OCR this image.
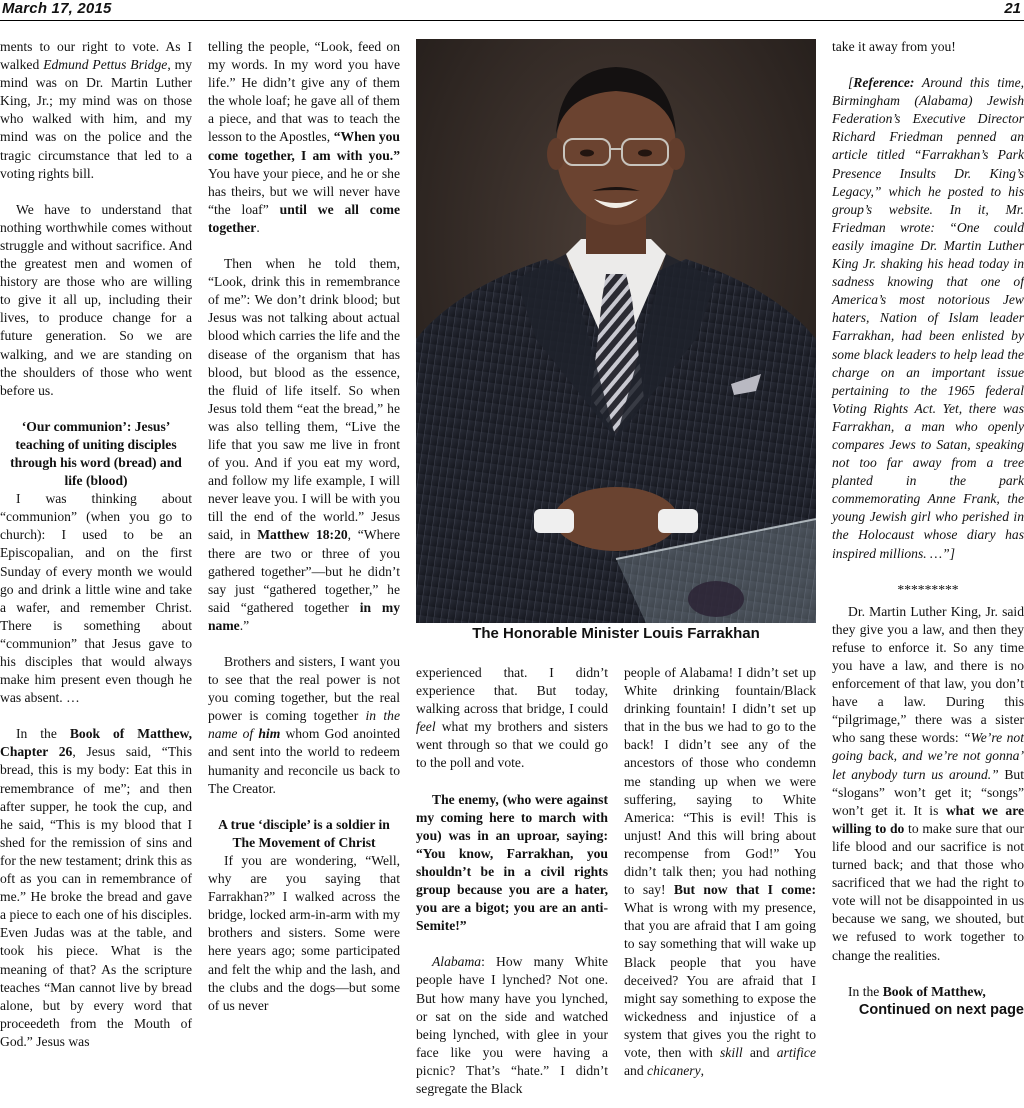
March 17, 2015	21

ments to our right to vote. As I walked Edmund Pettus Bridge, my mind was on Dr. Martin Luther King, Jr.; my mind was on those who walked with him, and my mind was on the police and the tragic circumstance that led to a voting rights bill.

We have to understand that nothing worthwhile comes without struggle and without sacrifice. And the greatest men and women of history are those who are willing to give it all up, including their lives, to produce change for a future generation. So we are walking, and we are standing on the shoulders of those who went before us.

‘Our communion’: Jesus’ teaching of uniting disciples through his word (bread) and life (blood)

I was thinking about “communion” (when you go to church): I used to be an Episcopalian, and on the first Sunday of every month we would go and drink a little wine and take a wafer, and remember Christ. There is something about “communion” that Jesus gave to his disciples that would always make him present even though he was absent. …

In the Book of Matthew, Chapter 26, Jesus said, “This bread, this is my body: Eat this in remembrance of me”; and then after supper, he took the cup, and he said, “This is my blood that I shed for the remission of sins and for the new testament; drink this as oft as you can in remembrance of me.” He broke the bread and gave a piece to each one of his disciples. Even Judas was at the table, and took his piece. What is the meaning of that? As the scripture teaches “Man cannot live by bread alone, but by every word that proceedeth from the Mouth of God.” Jesus was

telling the people, “Look, feed on my words. In my word you have life.” He didn’t give any of them the whole loaf; he gave all of them a piece, and that was to teach the lesson to the Apostles, “When you come together, I am with you.” You have your piece, and he or she has theirs, but we will never have “the loaf” until we all come together.

Then when he told them, “Look, drink this in remembrance of me”: We don’t drink blood; but Jesus was not talking about actual blood which carries the life and the disease of the organism that has blood, but blood as the essence, the fluid of life itself. So when Jesus told them “eat the bread,” he was also telling them, “Live the life that you saw me live in front of you. And if you eat my word, and follow my life example, I will never leave you. I will be with you till the end of the world.” Jesus said, in Matthew 18:20, “Where there are two or three of you gathered together”—but he didn’t say just “gathered together,” he said “gathered together in my name.”

Brothers and sisters, I want you to see that the real power is not you coming together, but the real power is coming together in the name of him whom God anointed and sent into the world to redeem humanity and reconcile us back to The Creator.

A true ‘disciple’ is a soldier in The Movement of Christ

If you are wondering, “Well, why are you saying that Farrakhan?” I walked across the bridge, locked arm-in-arm with my brothers and sisters. Some were here years ago; some participated and felt the whip and the lash, and the clubs and the dogs—but some of us never

The Honorable Minister Louis Farrakhan

experienced that. I didn’t experience that. But today, walking across that bridge, I could feel what my brothers and sisters went through so that we could go to the poll and vote.

The enemy, (who were against my coming here to march with you) was in an uproar, saying: “You know, Farrakhan, you shouldn’t be in a civil rights group because you are a hater, you are a bigot; you are an anti-Semite!”

Alabama: How many White people have I lynched? Not one. But how many have you lynched, or sat on the side and watched being lynched, with glee in your face like you were having a picnic? That’s “hate.” I didn’t segregate the Black

people of Alabama! I didn’t set up White drinking fountain/Black drinking fountain! I didn’t set up that in the bus we had to go to the back! I didn’t see any of the ancestors of those who condemn me standing up when we were suffering, saying to White America: “This is evil! This is unjust! And this will bring about recompense from God!” You didn’t talk then; you had nothing to say! But now that I come: What is wrong with my presence, that you are afraid that I am going to say something that will wake up Black people that you have deceived? You are afraid that I might say something to expose the wickedness and injustice of a system that gives you the right to vote, then with skill and artifice and chicanery,

take it away from you!

[Reference: Around this time, Birmingham (Alabama) Jewish Federation’s Executive Director Richard Friedman penned an article titled “Farrakhan’s Park Presence Insults Dr. King’s Legacy,” which he posted to his group’s website. In it, Mr. Friedman wrote: “One could easily imagine Dr. Martin Luther King Jr. shaking his head today in sadness knowing that one of America’s most notorious Jew haters, Nation of Islam leader Farrakhan, had been enlisted by some black leaders to help lead the charge on an important issue pertaining to the 1965 federal Voting Rights Act. Yet, there was Farrakhan, a man who openly compares Jews to Satan, speaking not too far away from a tree planted in the park commemorating Anne Frank, the young Jewish girl who perished in the Holocaust whose diary has inspired millions. …”]

*********

Dr. Martin Luther King, Jr. said they give you a law, and then they refuse to enforce it. So any time you have a law, and there is no enforcement of that law, you don’t have a law. During this “pilgrimage,” there was a sister who sang these words: “We’re not going back, and we’re not gonna’ let anybody turn us around.” But “slogans” won’t get it; “songs” won’t get it. It is what we are willing to do to make sure that our life blood and our sacrifice is not turned back; and that those who sacrificed that we had the right to vote will not be disappointed in us because we sang, we shouted, but we refused to work together to change the realities.

In the Book of Matthew,

Continued on next page
